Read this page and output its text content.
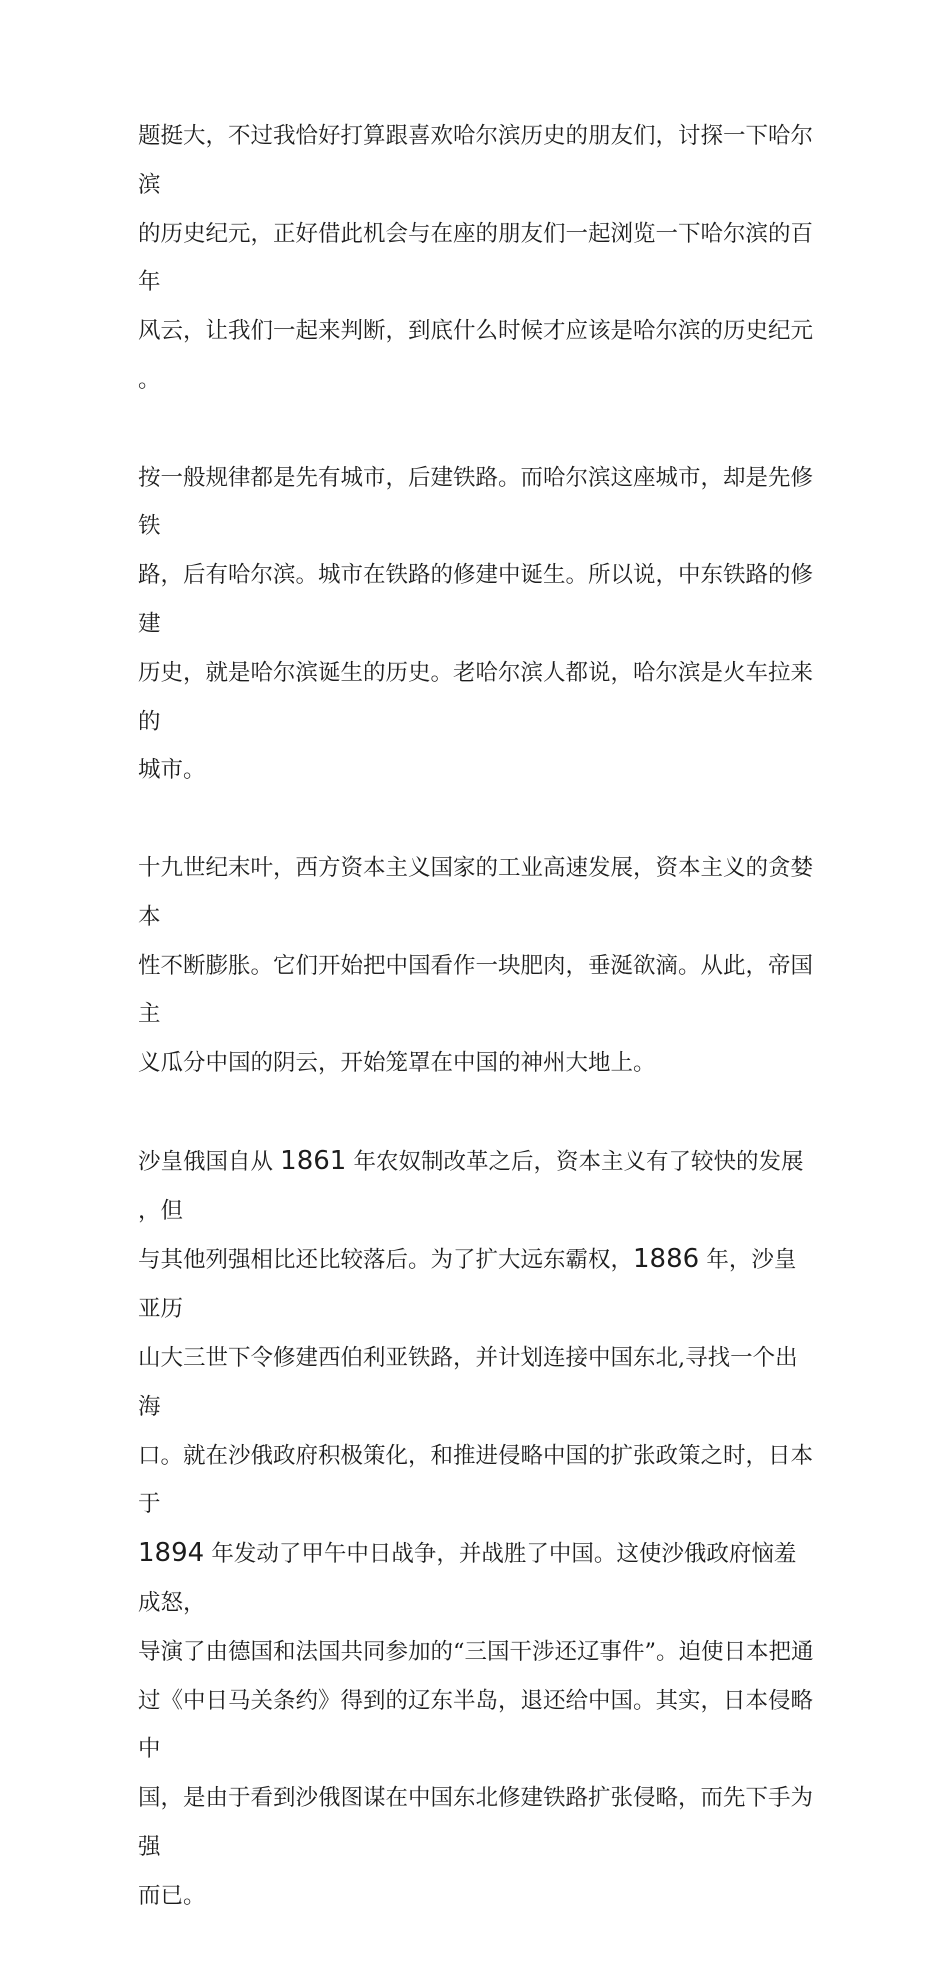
题挺大，不过我恰好打算跟喜欢哈尔滨历史的朋友们，讨探一下哈尔滨
的历史纪元，正好借此机会与在座的朋友们一起浏览一下哈尔滨的百年
风云，让我们一起来判断，到底什么时候才应该是哈尔滨的历史纪元。
按一般规律都是先有城市，后建铁路。而哈尔滨这座城市，却是先修铁
路，后有哈尔滨。城市在铁路的修建中诞生。所以说，中东铁路的修建
历史，就是哈尔滨诞生的历史。老哈尔滨人都说，哈尔滨是火车拉来的
城市。
十九世纪末叶，西方资本主义国家的工业高速发展，资本主义的贪婪本
性不断膨胀。它们开始把中国看作一块肥肉，垂涎欲滴。从此，帝国主
义瓜分中国的阴云，开始笼罩在中国的神州大地上。
沙皇俄国自从 1861 年农奴制改革之后，资本主义有了较快的发展，但
与其他列强相比还比较落后。为了扩大远东霸权，1886 年，沙皇亚历
山大三世下令修建西伯利亚铁路，并计划连接中国东北,寻找一个出海
口。就在沙俄政府积极策化，和推进侵略中国的扩张政策之时，日本于
1894 年发动了甲午中日战争，并战胜了中国。这使沙俄政府恼羞成怒，
导演了由德国和法国共同参加的“三国干涉还辽事件”。迫使日本把通
过《中日马关条约》得到的辽东半岛，退还给中国。其实，日本侵略中
国，是由于看到沙俄图谋在中国东北修建铁路扩张侵略，而先下手为强
而已。
